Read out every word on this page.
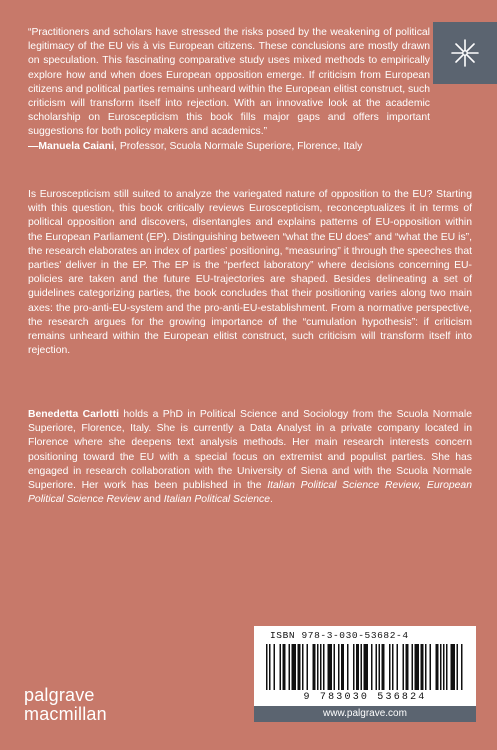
“Practitioners and scholars have stressed the risks posed by the weakening of political legitimacy of the EU vis à vis European citizens. These conclusions are mostly drawn on speculation. This fascinating comparative study uses mixed methods to empirically explore how and when does European opposition emerge. If criticism from European citizens and political parties remains unheard within the European elitist construct, such criticism will transform itself into rejection. With an innovative look at the academic scholarship on Euroscepticism this book fills major gaps and offers important suggestions for both policy makers and academics.”
—Manuela Caiani, Professor, Scuola Normale Superiore, Florence, Italy
Is Euroscepticism still suited to analyze the variegated nature of opposition to the EU? Starting with this question, this book critically reviews Euroscepticism, reconceptualizes it in terms of political opposition and discovers, disentangles and explains patterns of EU-opposition within the European Parliament (EP). Distinguishing between “what the EU does” and “what the EU is”, the research elaborates an index of parties’ positioning, “measuring” it through the speeches that parties’ deliver in the EP. The EP is the “perfect laboratory” where decisions concerning EU-policies are taken and the future EU-trajectories are shaped. Besides delineating a set of guidelines categorizing parties, the book concludes that their positioning varies along two main axes: the pro-anti-EU-system and the pro-anti-EU-establishment. From a normative perspective, the research argues for the growing importance of the “cumulation hypothesis”: if criticism remains unheard within the European elitist construct, such criticism will transform itself into rejection.
Benedetta Carlotti holds a PhD in Political Science and Sociology from the Scuola Normale Superiore, Florence, Italy. She is currently a Data Analyst in a private company located in Florence where she deepens text analysis methods. Her main research interests concern positioning toward the EU with a special focus on extremist and populist parties. She has engaged in research collaboration with the University of Siena and with the Scuola Normale Superiore. Her work has been published in the Italian Political Science Review, European Political Science Review and Italian Political Science.
ISBN 978-3-030-53682-4
9 783030 536824
www.palgrave.com
palgrave
macmillan
